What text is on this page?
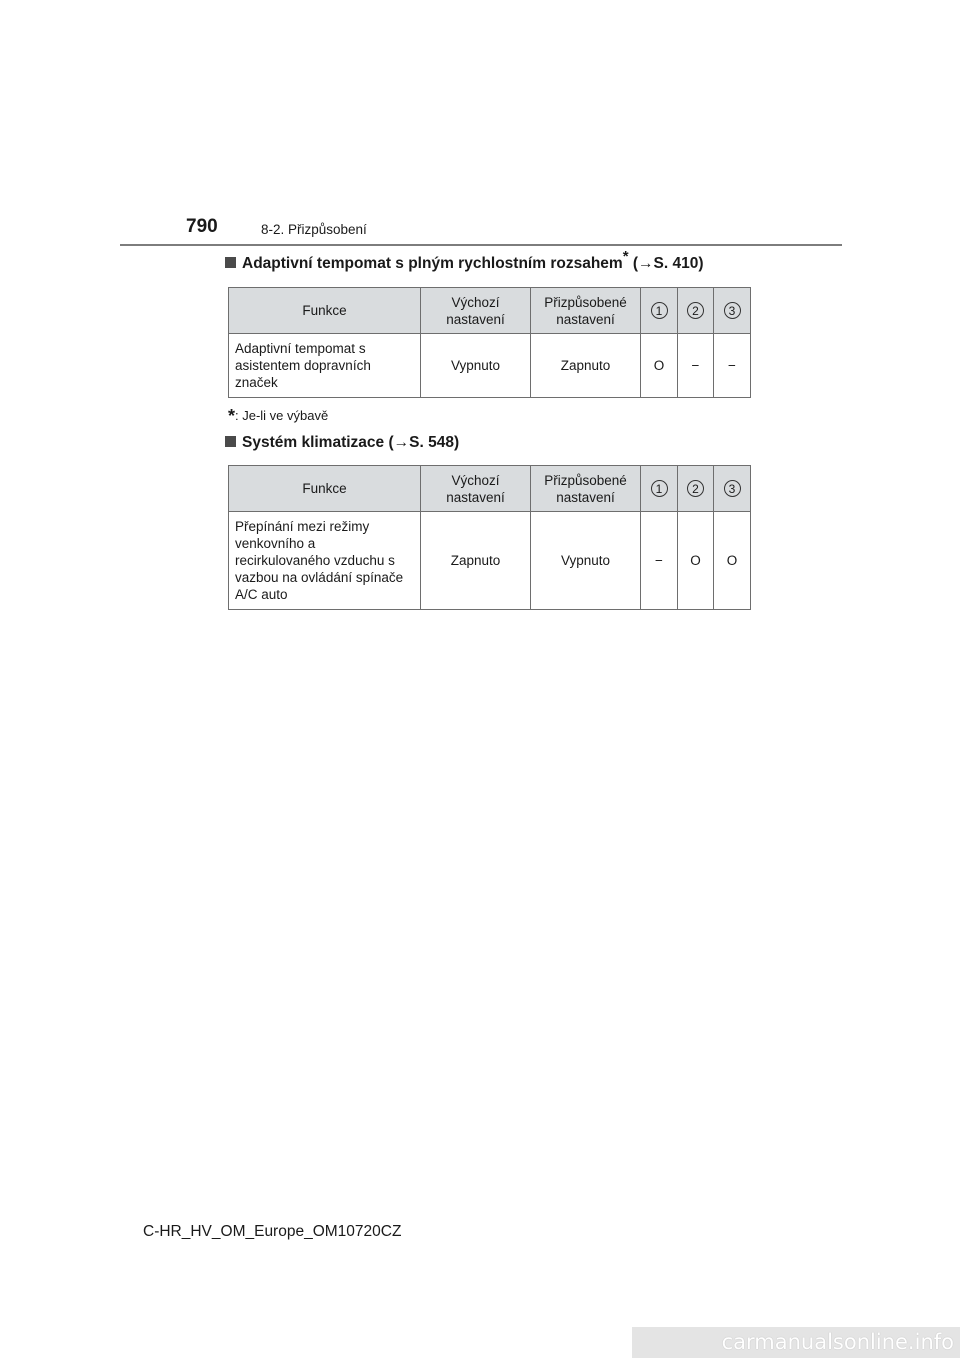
790	8-2. Přizpůsobení
Adaptivní tempomat s plným rychlostním rozsahem* (→S. 410)
Funkce	Výchozí nastavení	Přizpůsobené nastavení	1	2	3
Adaptivní tempomat s asistentem dopravních značek	Vypnuto	Zapnuto	O	−	−
*: Je-li ve výbavě
Systém klimatizace (→S. 548)
Funkce	Výchozí nastavení	Přizpůsobené nastavení	1	2	3
Přepínání mezi režimy venkovního a recirkulovaného vzduchu s vazbou na ovládání spínače A/C auto	Zapnuto	Vypnuto	−	O	O
C-HR_HV_OM_Europe_OM10720CZ
carmanualsonline.info
